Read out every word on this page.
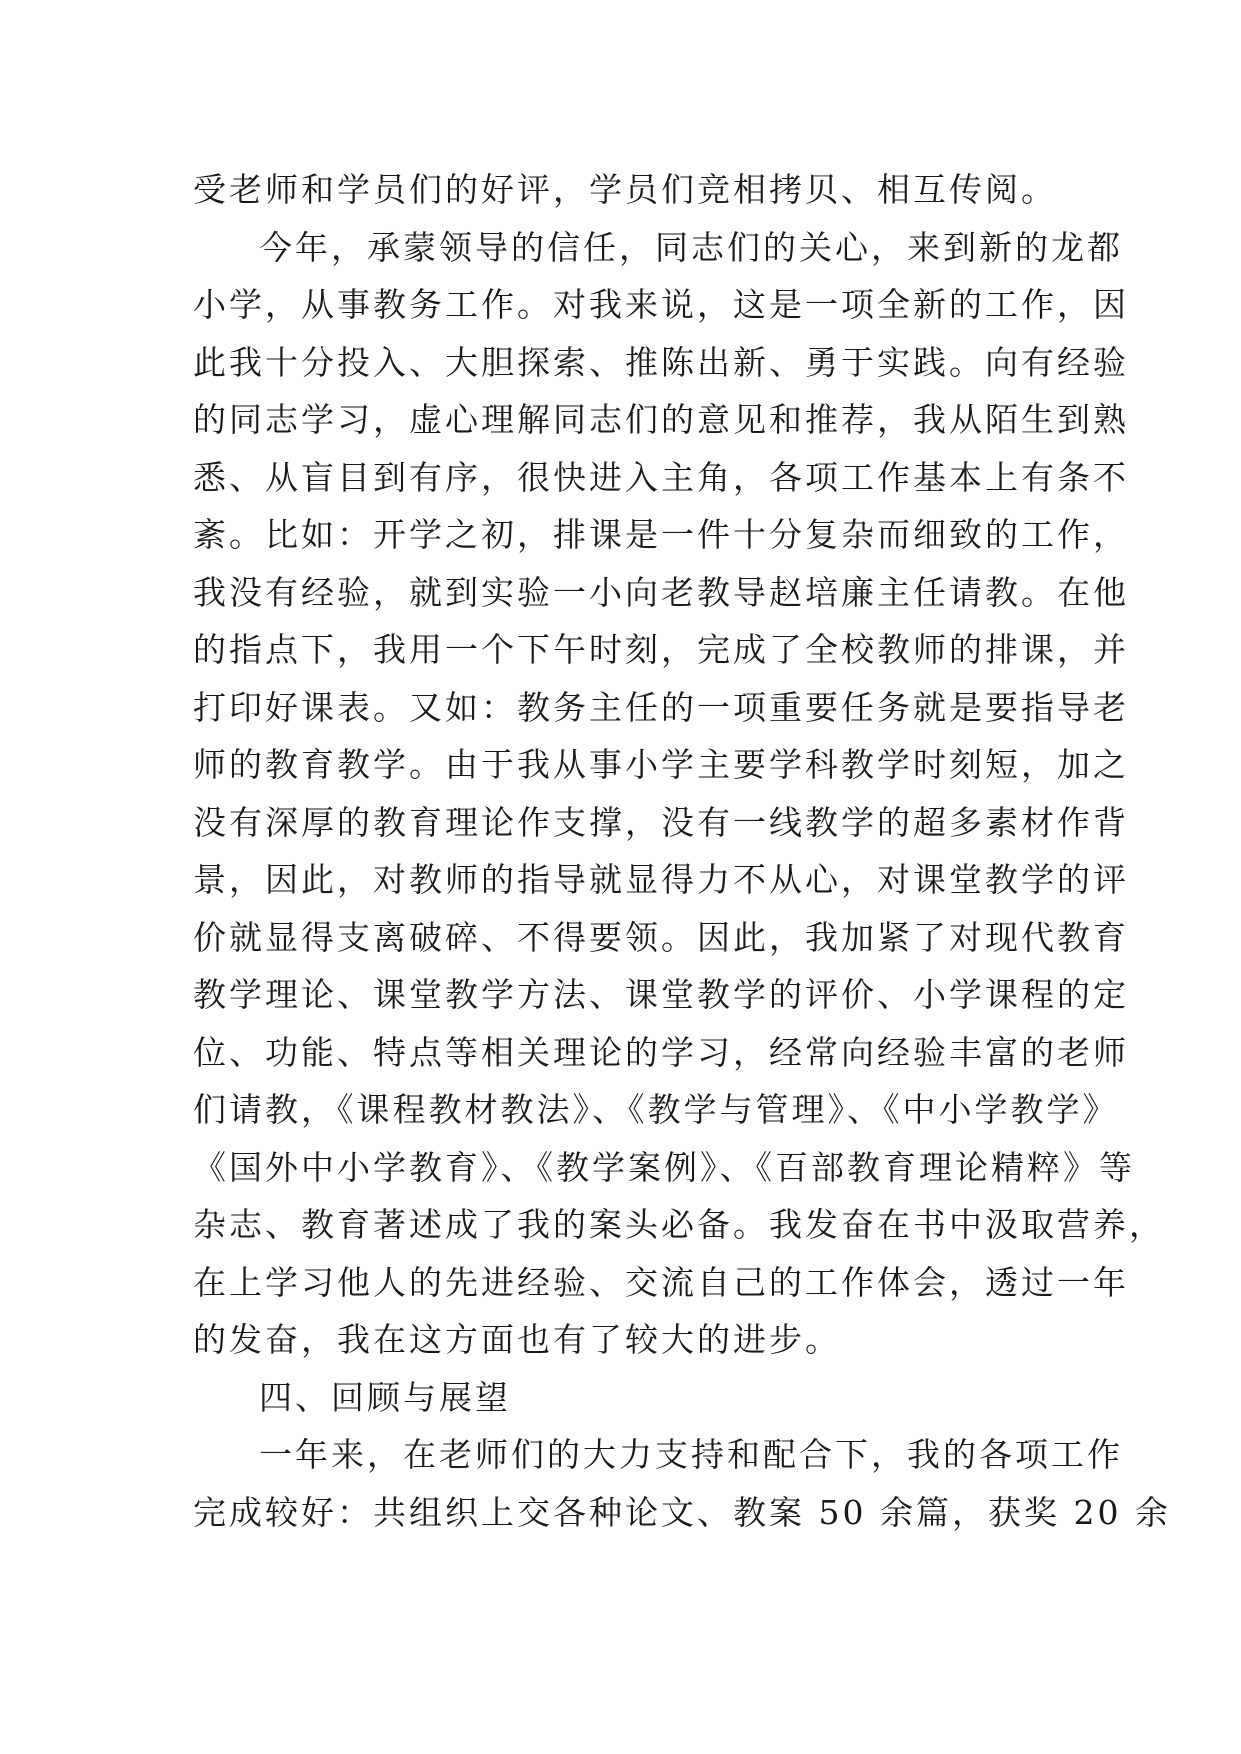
受老师和学员们的好评，学员们竞相拷贝、相互传阅。
今年，承蒙领导的信任，同志们的关心，来到新的龙都
小学，从事教务工作。对我来说，这是一项全新的工作，因
此我十分投入、大胆探索、推陈出新、勇于实践。向有经验
的同志学习，虚心理解同志们的意见和推荐，我从陌生到熟
悉、从盲目到有序，很快进入主角，各项工作基本上有条不
紊。比如：开学之初，排课是一件十分复杂而细致的工作，
我没有经验，就到实验一小向老教导赵培廉主任请教。在他
的指点下，我用一个下午时刻，完成了全校教师的排课，并
打印好课表。又如：教务主任的一项重要任务就是要指导老
师的教育教学。由于我从事小学主要学科教学时刻短，加之
没有深厚的教育理论作支撑，没有一线教学的超多素材作背
景，因此，对教师的指导就显得力不从心，对课堂教学的评
价就显得支离破碎、不得要领。因此，我加紧了对现代教育
教学理论、课堂教学方法、课堂教学的评价、小学课程的定
位、功能、特点等相关理论的学习，经常向经验丰富的老师
们请教，《课程教材教法》、《教学与管理》、《中小学教学》
《国外中小学教育》、《教学案例》、《百部教育理论精粹》等
杂志、教育著述成了我的案头必备。我发奋在书中汲取营养，
在上学习他人的先进经验、交流自己的工作体会，透过一年
的发奋，我在这方面也有了较大的进步。
四、回顾与展望
一年来，在老师们的大力支持和配合下，我的各项工作
完成较好：共组织上交各种论文、教案 50 余篇，获奖 20 余
